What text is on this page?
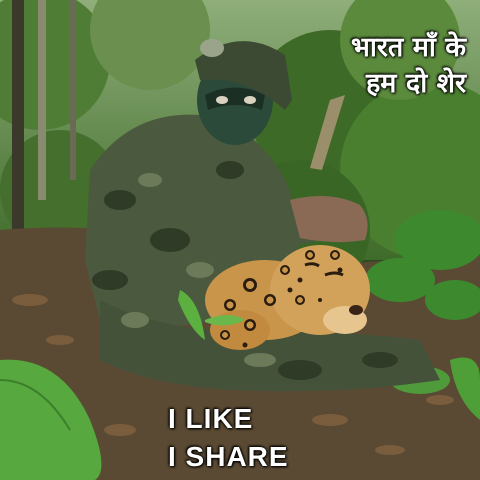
भारत माँ के
हम दो शेर
I LIKE
I SHARE
